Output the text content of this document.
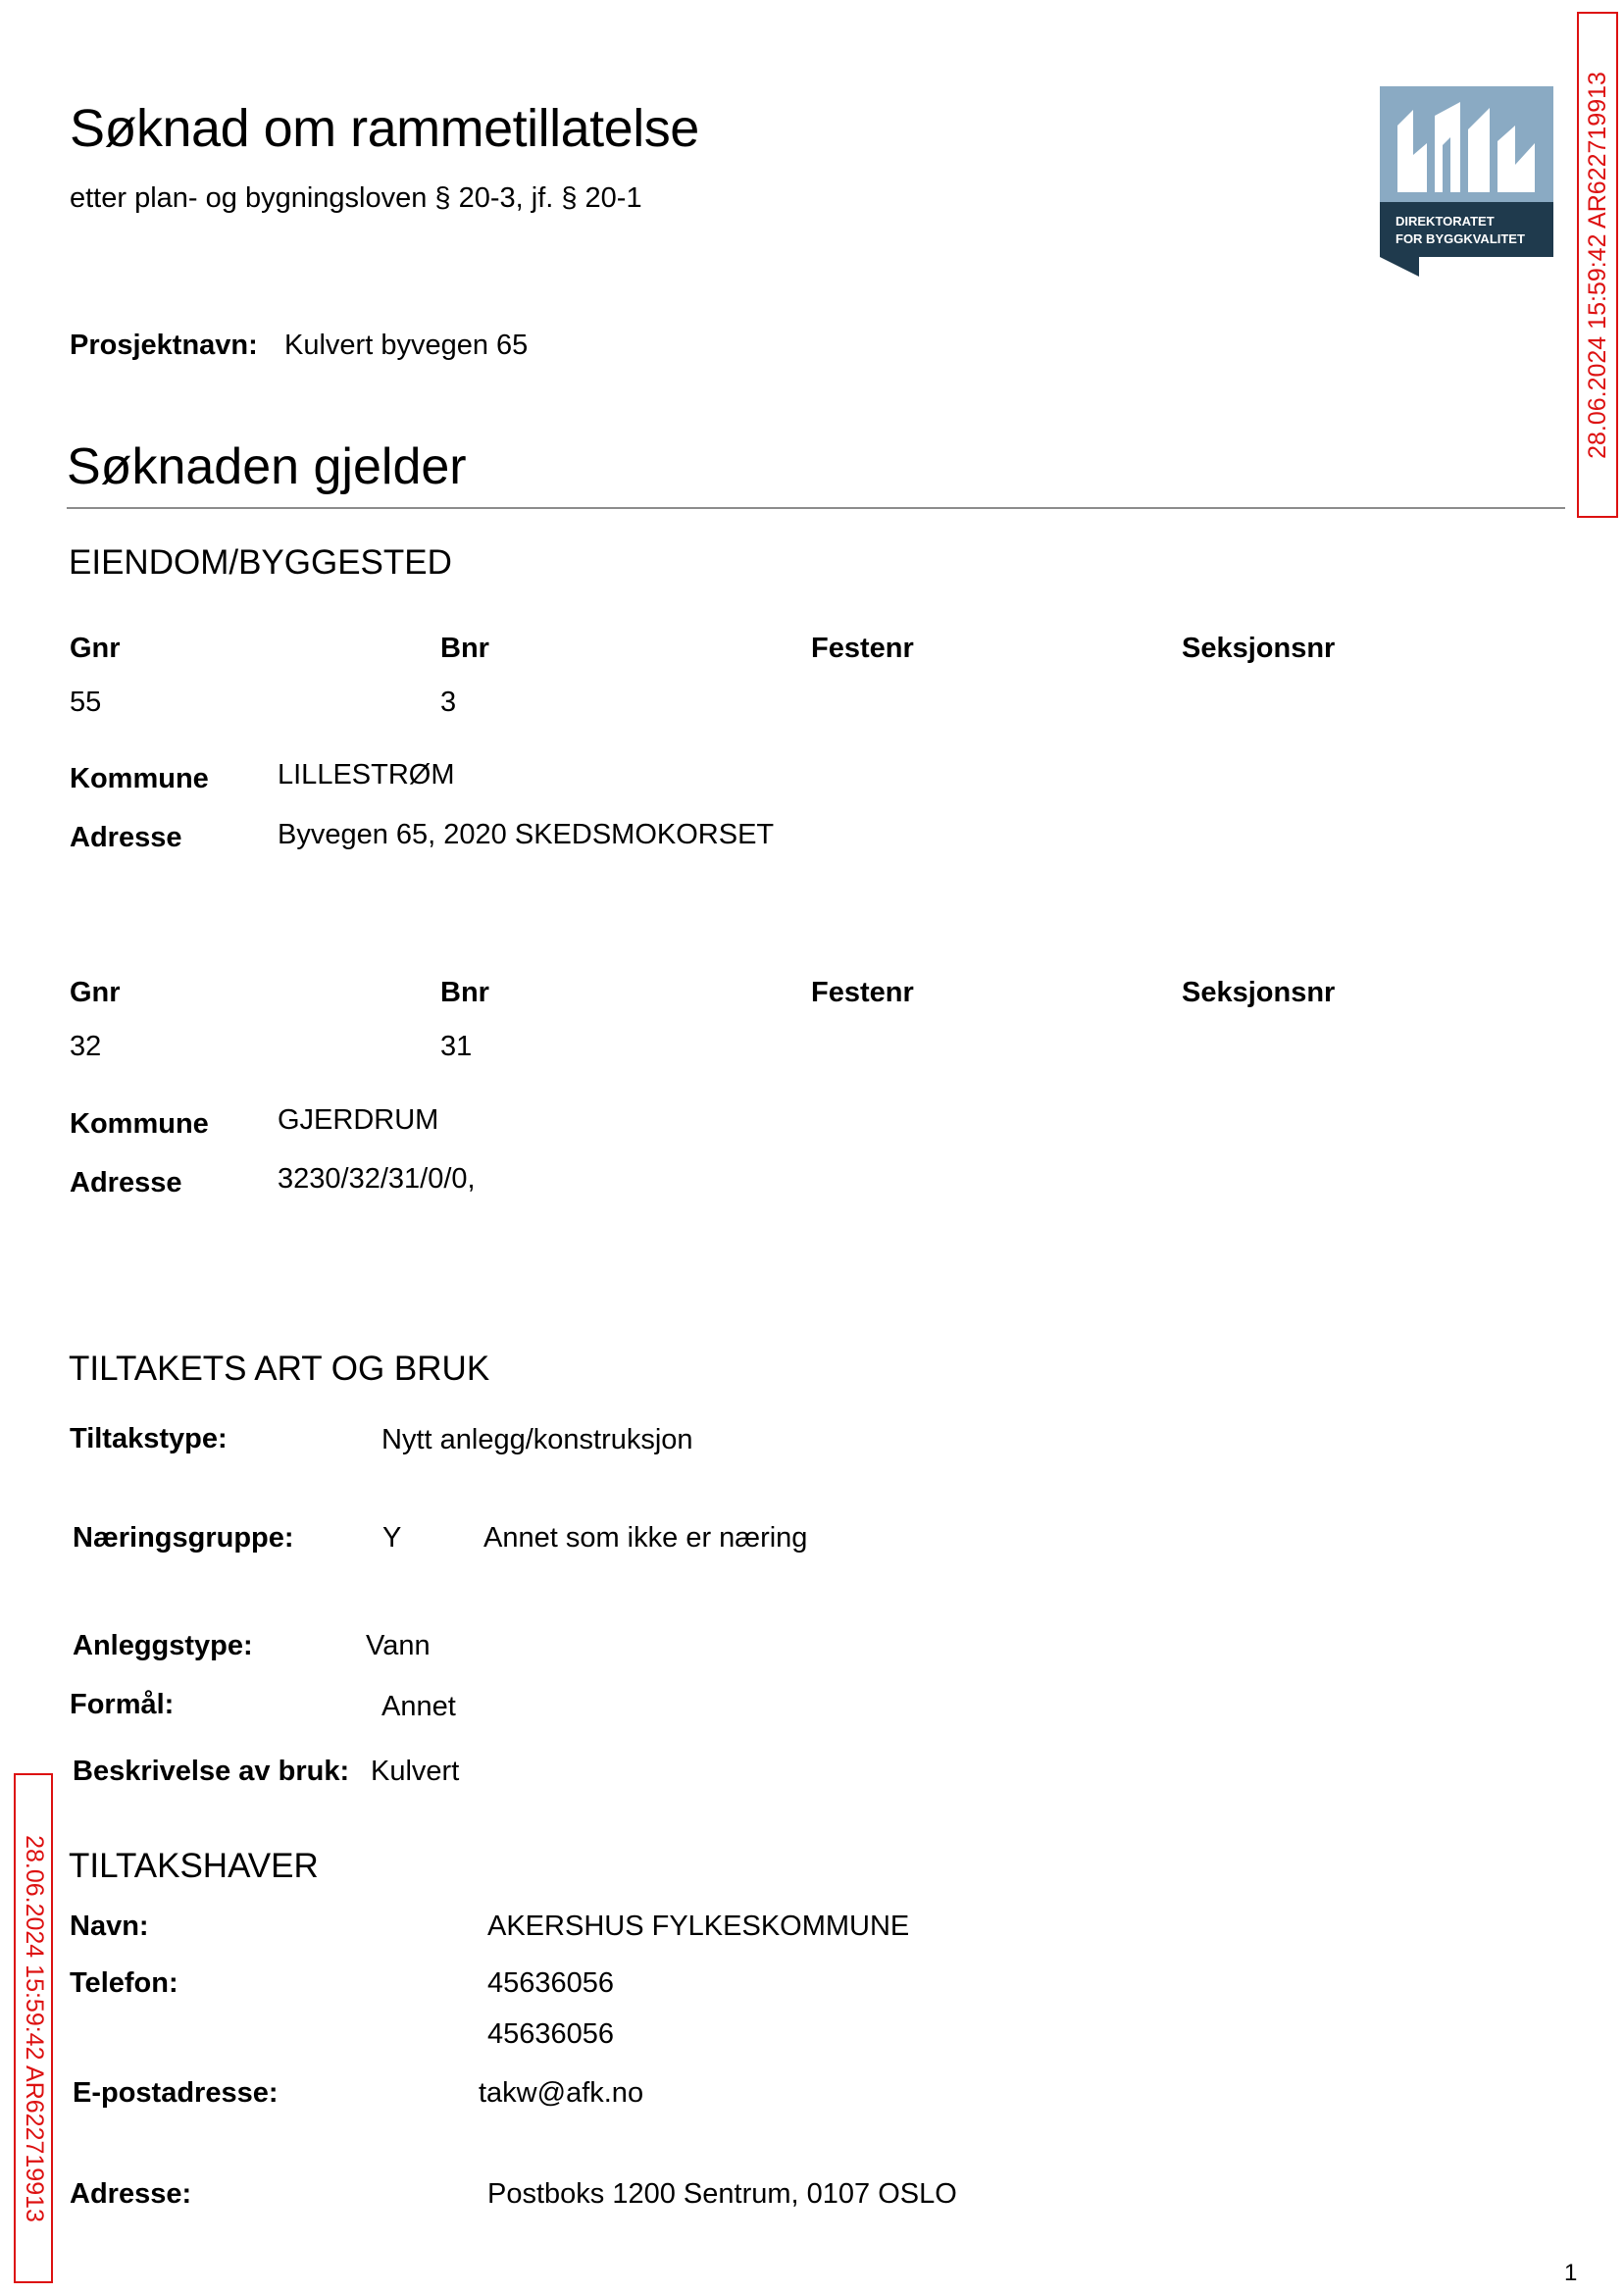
Søknad om rammetillatelse
etter plan- og bygningsloven § 20-3, jf. § 20-1
DIREKTORATET
FOR BYGGKVALITET 28.06.2024 15:59:42 AR622719913
28.06.2024 15:59:42 AR622719913
Prosjektnavn: Kulvert byvegen 65
Søknaden gjelder
EIENDOM/BYGGESTED
Gnr	Bnr	Festenr	Seksjonsnr
55	3
Kommune LILLESTRØM
Adresse	Byvegen 65, 2020 SKEDSMOKORSET
Gnr	Bnr	Festenr	Seksjonsnr
32	31
Kommune GJERDRUM
Adresse	3230/32/31/0/0,
TILTAKETS ART OG BRUK
Tiltakstype:	Nytt anlegg/konstruksjon
Næringsgruppe:	Y	Annet som ikke er næring
Anleggstype:	Vann
Formål:	Annet
Beskrivelse av bruk: Kulvert
TILTAKSHAVER
Navn:	AKERSHUS FYLKESKOMMUNE
Telefon:	45636056
45636056
E-postadresse:	takw@afk.no
Adresse:	Postboks 1200 Sentrum, 0107 OSLO
1
